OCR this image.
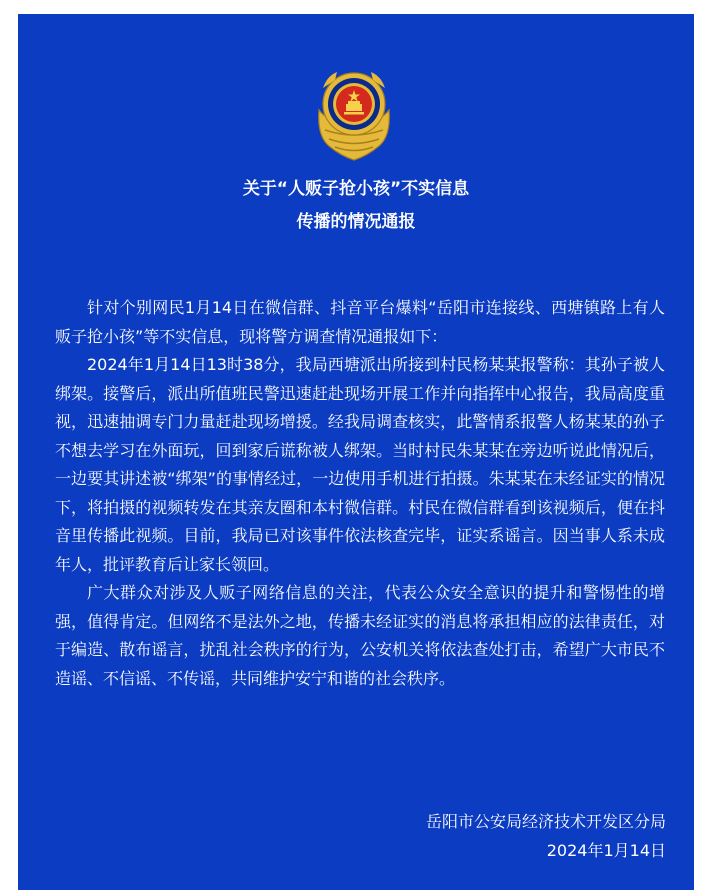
关于“人贩子抢小孩”不实信息
传播的情况通报

针对个别网民1月14日在微信群、抖音平台爆料“岳阳市连接线、西塘镇路上有人贩子抢小孩”等不实信息，现将警方调查情况通报如下：

2024年1月14日13时38分，我局西塘派出所接到村民杨某某报警称：其孙子被人绑架。接警后，派出所值班民警迅速赶赴现场开展工作并向指挥中心报告，我局高度重视，迅速抽调专门力量赶赴现场增援。经我局调查核实，此警情系报警人杨某某的孙子不想去学习在外面玩，回到家后谎称被人绑架。当时村民朱某某在旁边听说此情况后，一边要其讲述被“绑架”的事情经过，一边使用手机进行拍摄。朱某某在未经证实的情况下，将拍摄的视频转发在其亲友圈和本村微信群。村民在微信群看到该视频后，便在抖音里传播此视频。目前，我局已对该事件依法核查完毕，证实系谣言。因当事人系未成年人，批评教育后让家长领回。

广大群众对涉及人贩子网络信息的关注，代表公众安全意识的提升和警惕性的增强，值得肯定。但网络不是法外之地，传播未经证实的消息将承担相应的法律责任，对于编造、散布谣言，扰乱社会秩序的行为，公安机关将依法查处打击，希望广大市民不造谣、不信谣、不传谣，共同维护安宁和谐的社会秩序。

岳阳市公安局经济技术开发区分局
2024年1月14日
